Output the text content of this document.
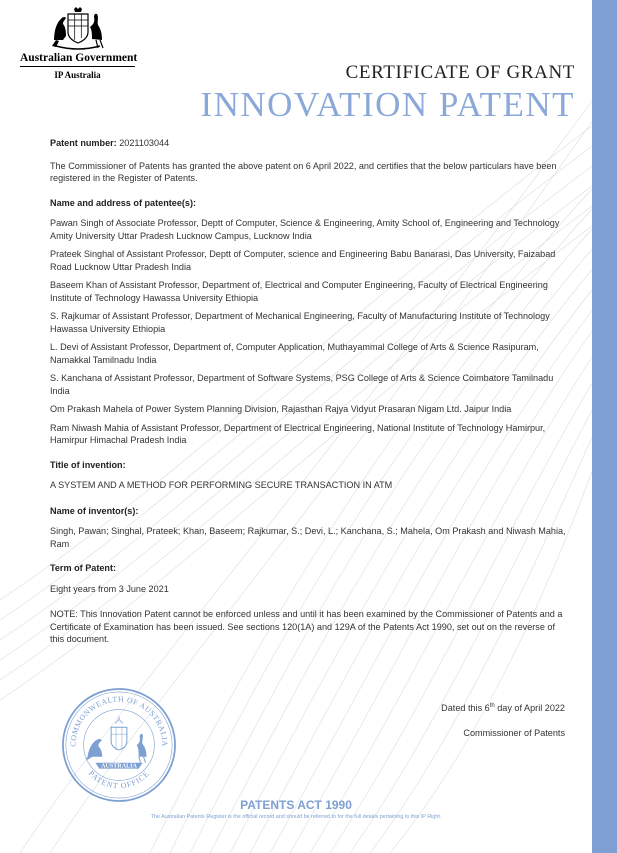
Australian Government
IP Australia	CERTIFICATE OF GRANT
INNOVATION PATENT

Patent number: 2021103044

The Commissioner of Patents has granted the above patent on 6 April 2022, and certifies that the below particulars have been registered in the Register of Patents.

Name and address of patentee(s):

Pawan Singh of Associate Professor, Deptt of Computer, Science & Engineering, Amity School of, Engineering and Technology Amity University Uttar Pradesh Lucknow Campus, Lucknow India

Prateek Singhal of Assistant Professor, Deptt of Computer, science and Engineering Babu Banarasi, Das University, Faizabad Road Lucknow Uttar Pradesh India

Baseem Khan of Assistant Professor, Department of, Electrical and Computer Engineering, Faculty of Electrical Engineering Institute of Technology Hawassa University Ethiopia

S. Rajkumar of Assistant Professor, Department of Mechanical Engineering, Faculty of Manufacturing Institute of Technology Hawassa University Ethiopia

L. Devi of Assistant Professor, Department of, Computer Application, Muthayammal College of Arts & Science Rasipuram, Namakkal Tamilnadu India

S. Kanchana of Assistant Professor, Department of Software Systems, PSG College of Arts & Science Coimbatore Tamilnadu India

Om Prakash Mahela of Power System Planning Division, Rajasthan Rajya Vidyut Prasaran Nigam Ltd. Jaipur India

Ram Niwash Mahia of Assistant Professor, Department of Electrical Engineering, National Institute of Technology Hamirpur, Hamirpur Himachal Pradesh India

Title of invention:

A SYSTEM AND A METHOD FOR PERFORMING SECURE TRANSACTION IN ATM

Name of inventor(s):

Singh, Pawan; Singhal, Prateek; Khan, Baseem; Rajkumar, S.; Devi, L.; Kanchana, S.; Mahela, Om Prakash and Niwash Mahia, Ram

Term of Patent:

Eight years from 3 June 2021

NOTE: This Innovation Patent cannot be enforced unless and until it has been examined by the Commissioner of Patents and a Certificate of Examination has been issued. See sections 120(1A) and 129A of the Patents Act 1990, set out on the reverse of this document.

COMMONWEALTH OF AUSTRALIA
PATENT OFFICE
AUSTRALIA
Dated this 6th day of April 2022
Commissioner of Patents
PATENTS ACT 1990
The Australian Patents Register is the official record and should be referred to for the full details pertaining to this IP Right.
